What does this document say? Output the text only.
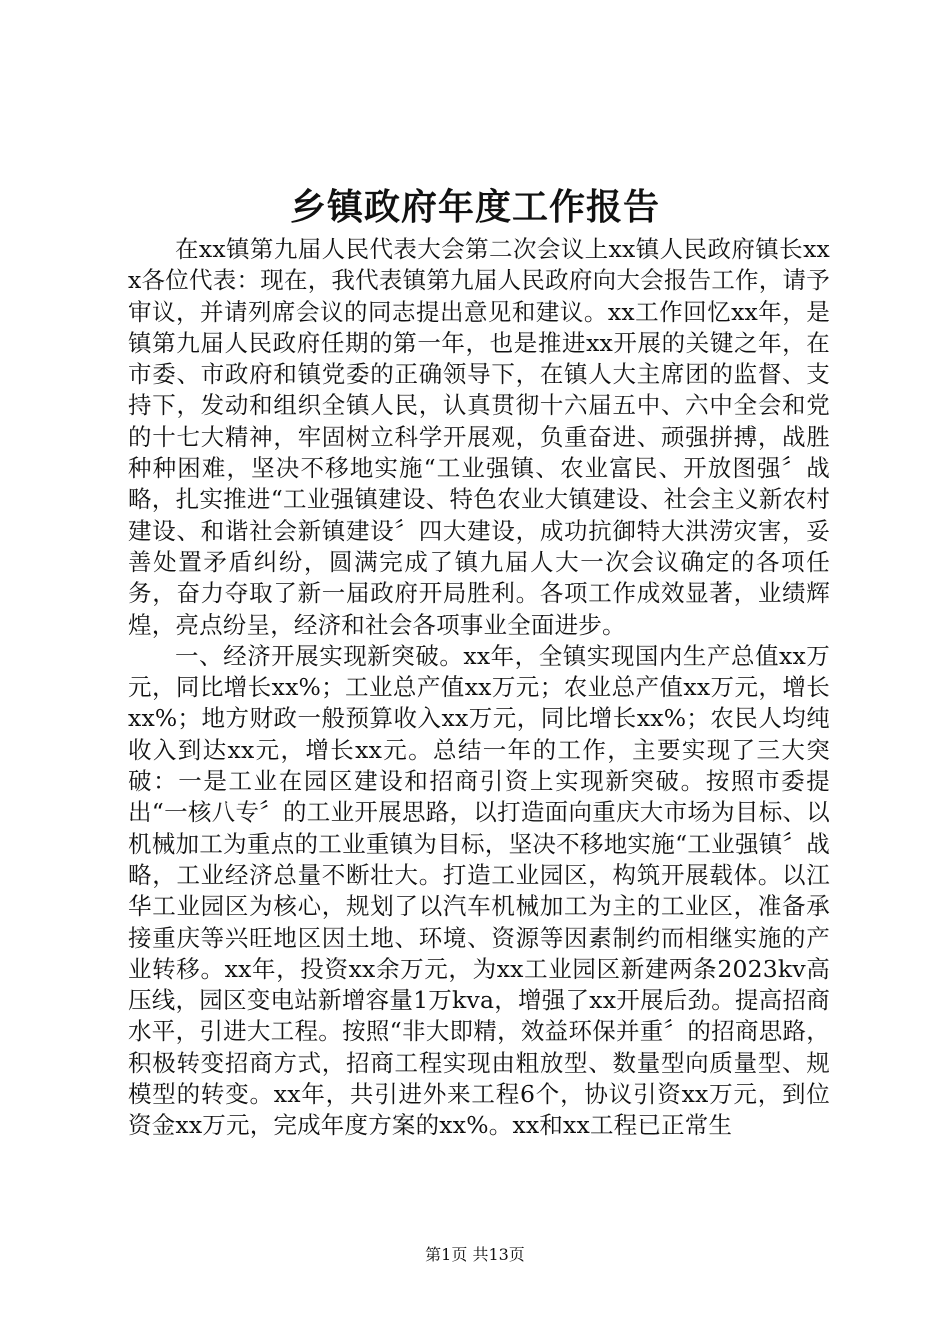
乡镇政府年度工作报告

在xx镇第九届人民代表大会第二次会议上xx镇人民政府镇长xxx各位代表：现在，我代表镇第九届人民政府向大会报告工作，请予审议，并请列席会议的同志提出意见和建议。xx工作回忆xx年，是镇第九届人民政府任期的第一年，也是推进xx开展的关键之年，在市委、市政府和镇党委的正确领导下，在镇人大主席团的监督、支持下，发动和组织全镇人民，认真贯彻十六届五中、六中全会和党的十七大精神，牢固树立科学开展观，负重奋进、顽强拼搏，战胜种种困难，坚决不移地实施“工业强镇、农业富民、开放图强〞战略，扎实推进“工业强镇建设、特色农业大镇建设、社会主义新农村建设、和谐社会新镇建设〞四大建设，成功抗御特大洪涝灾害，妥善处置矛盾纠纷，圆满完成了镇九届人大一次会议确定的各项任务，奋力夺取了新一届政府开局胜利。各项工作成效显著，业绩辉煌，亮点纷呈，经济和社会各项事业全面进步。

一、经济开展实现新突破。xx年，全镇实现国内生产总值xx万元，同比增长xx%；工业总产值xx万元；农业总产值xx万元，增长xx%；地方财政一般预算收入xx万元，同比增长xx%；农民人均纯收入到达xx元，增长xx元。总结一年的工作，主要实现了三大突破：一是工业在园区建设和招商引资上实现新突破。按照市委提出“一核八专〞的工业开展思路，以打造面向重庆大市场为目标、以机械加工为重点的工业重镇为目标，坚决不移地实施“工业强镇〞战略，工业经济总量不断壮大。打造工业园区，构筑开展载体。以江华工业园区为核心，规划了以汽车机械加工为主的工业区，准备承接重庆等兴旺地区因土地、环境、资源等因素制约而相继实施的产业转移。xx年，投资xx余万元，为xx工业园区新建两条2023kv高压线，园区变电站新增容量1万kva，增强了xx开展后劲。提高招商水平，引进大工程。按照“非大即精，效益环保并重〞的招商思路，积极转变招商方式，招商工程实现由粗放型、数量型向质量型、规模型的转变。xx年，共引进外来工程6个，协议引资xx万元，到位资金xx万元，完成年度方案的xx%。xx和xx工程已正常生

第1页 共13页
